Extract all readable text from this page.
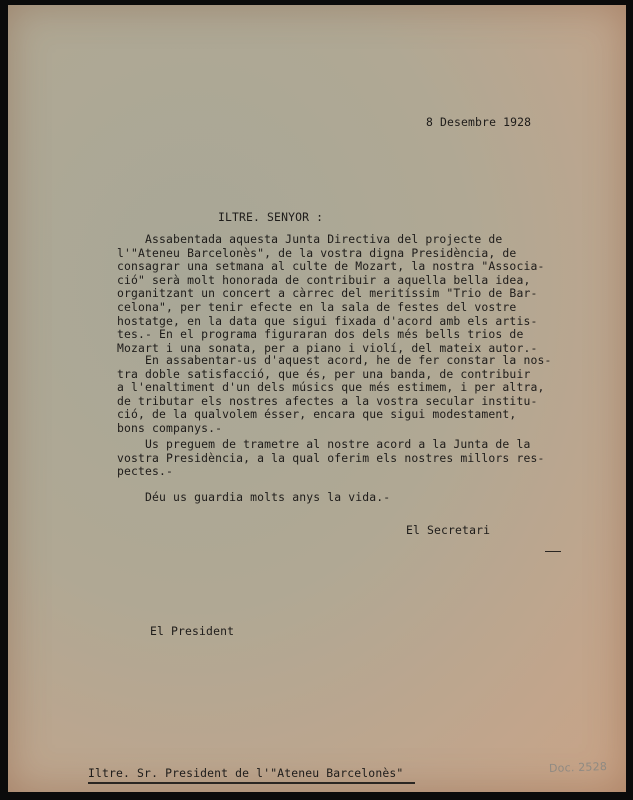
8 Desembre 1928
ILTRE. SENYOR :
Assabentada aquesta Junta Directiva del projecte de
l'"Ateneu Barcelonès", de la vostra digna Presidència, de
consagrar una setmana al culte de Mozart, la nostra "Associa-
ció" serà molt honorada de contribuir a aquella bella idea,
organitzant un concert a càrrec del meritíssim "Trio de Bar-
celona", per tenir efecte en la sala de festes del vostre
hostatge, en la data que sigui fixada d'acord amb els artis-
tes.- En el programa figuraran dos dels més bells trios de
Mozart i una sonata, per a piano i violí, del mateix autor.-
En assabentar-us d'aquest acord, he de fer constar la nos-
tra doble satisfacció, que és, per una banda, de contribuir
a l'enaltiment d'un dels músics que més estimem, i per altra,
de tributar els nostres afectes a la vostra secular institu-
ció, de la qualvolem ésser, encara que sigui modestament,
bons companys.-
Us preguem de trametre al nostre acord a la Junta de la
vostra Presidència, a la qual oferim els nostres millors res-
pectes.-
Déu us guardia molts anys la vida.-
El Secretari
El President
Iltre. Sr. President de l'"Ateneu Barcelonès"	Doc. 2528
